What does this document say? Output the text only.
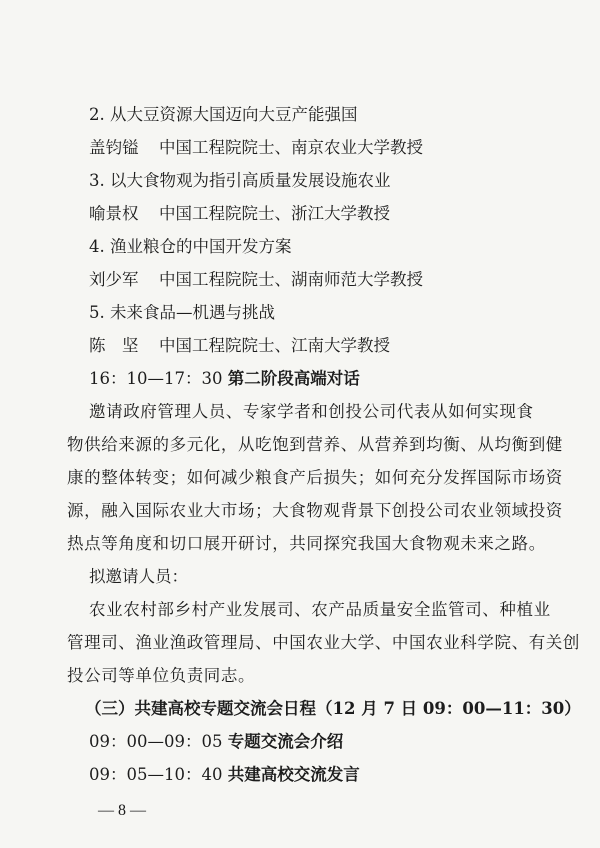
2. 从大豆资源大国迈向大豆产能强国
盖钧镒 中国工程院院士、南京农业大学教授
3. 以大食物观为指引高质量发展设施农业
喻景权 中国工程院院士、浙江大学教授
4. 渔业粮仓的中国开发方案
刘少军 中国工程院院士、湖南师范大学教授
5. 未来食品—机遇与挑战
陈　坚 中国工程院院士、江南大学教授
16：10—17：30 第二阶段高端对话
邀请政府管理人员、专家学者和创投公司代表从如何实现食
物供给来源的多元化，从吃饱到营养、从营养到均衡、从均衡到健
康的整体转变；如何减少粮食产后损失；如何充分发挥国际市场资
源，融入国际农业大市场；大食物观背景下创投公司农业领域投资
热点等角度和切口展开研讨，共同探究我国大食物观未来之路。
拟邀请人员：
农业农村部乡村产业发展司、农产品质量安全监管司、种植业
管理司、渔业渔政管理局、中国农业大学、中国农业科学院、有关创
投公司等单位负责同志。
（三）共建高校专题交流会日程（12 月 7 日 09：00—11：30）
09：00—09：05 专题交流会介绍
09：05—10：40 共建高校交流发言
— 8 —
